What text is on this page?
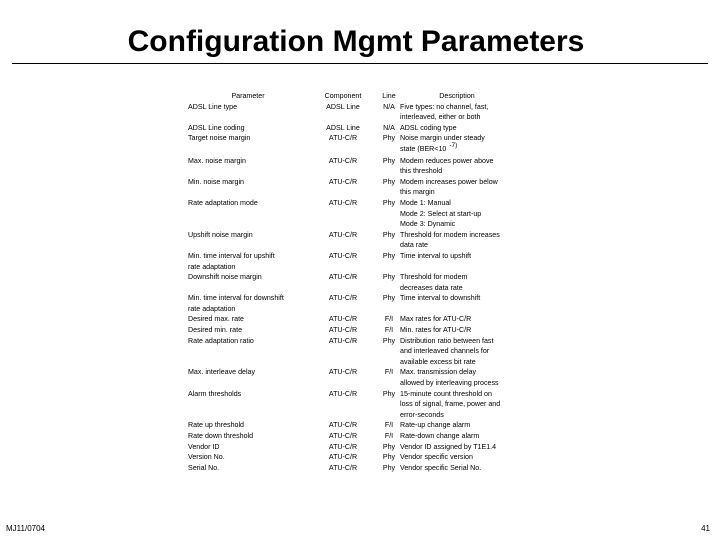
Configuration Mgmt Parameters
Parameter	Component	Line	Description

ADSL Line type	ADSL Line	N/A	Five types: no channel, fast,
interleaved, either or both

ADSL Line coding	ADSL Line	N/A	ADSL coding type

Target noise margin	ATU-C/R	Phy	Noise margin under steady
state (BER<10 -7)

Max. noise margin	ATU-C/R	Phy	Modem reduces power above
this threshold

Min. noise margin	ATU-C/R	Phy	Modem increases power below
this margin

Rate adaptation mode	ATU-C/R	Phy	Mode 1: Manual
Mode 2: Select at start-up
Mode 3: Dynamic

Upshift noise margin	ATU-C/R	Phy	Threshold for modem increases
data rate

Min. time interval for upshift
rate adaptation	ATU-C/R	Phy	Time interval to upshift

Downshift noise margin	ATU-C/R	Phy	Threshold for modem
decreases data rate

Min. time interval for downshift
rate adaptation	ATU-C/R	Phy	Time interval to downshift

Desired max. rate	ATU-C/R	F/I	Max rates for ATU-C/R

Desired min. rate	ATU-C/R	F/I	Min. rates for ATU-C/R

Rate adaptation ratio	ATU-C/R	Phy	Distribution ratio between fast
and interleaved channels for
available excess bit rate

Max. interleave delay	ATU-C/R	F/I	Max. transmission delay
allowed by interleaving process

Alarm thresholds	ATU-C/R	Phy	15-minute count threshold on
loss of signal, frame, power and
error-seconds

Rate up threshold	ATU-C/R	F/I	Rate-up change alarm

Rate down threshold	ATU-C/R	F/I	Rate-down change alarm

Vendor ID	ATU-C/R	Phy	Vendor ID assigned by T1E1.4

Version No.	ATU-C/R	Phy	Vendor specific version

Serial No.	ATU-C/R	Phy	Vendor specific Serial No.
MJ11/0704	41
